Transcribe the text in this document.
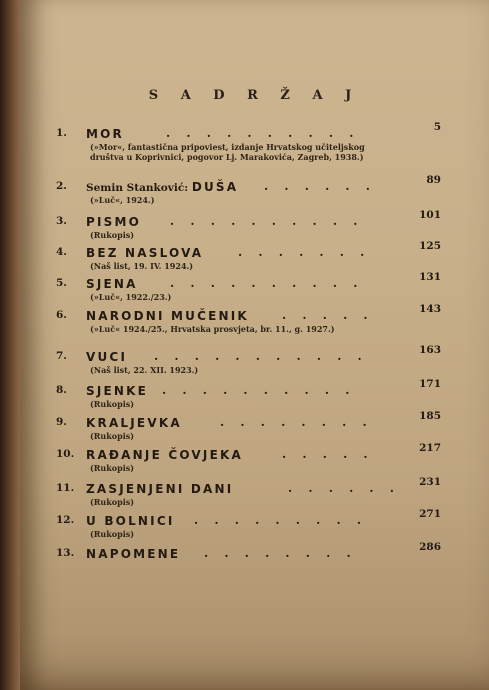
S A D R Ž A J
1.	MOR	. . . . . . . . . .	5
(»Mor«, fantastična pripoviest, izdanje Hrvatskog učiteljskog društva u Koprivnici, pogovor Lj. Marakovića, Zagreb, 1938.)
2.	Semin Stanković: DUŠA . . . . . .	89
(»Luč«, 1924.)
3.	PISMO . . . . . . . . . .	101
(Rukopis)
4.	BEZ NASLOVA	. . . . . . .	125
(Naš list, 19. IV. 1924.)
5.	SJENA	. . . . . . . . . .	131
(»Luč«, 1922./23.)
6.	NARODNI MUČENIK	. . . . .	143
(»Luč« 1924./25., Hrvatska prosvjeta, br. 11., g. 1927.)
7.	VUCI . . . . . . . . . . .	163
(Naš list, 22. XII. 1923.)
8.	SJENKE . . . . . . . . . .	171
(Rukopis)
9.	KRALJEVKA	. . . . . . . .	185
(Rukopis)
10. RAĐANJE ČOVJEKA	. . . . .	217
(Rukopis)
11. ZASJENJENI DANI	. . . . . . 231
(Rukopis)
12. U BOLNICI . . . . . . . . .	271
(Rukopis)
13. NAPOMENE . . . . . . . .	286
